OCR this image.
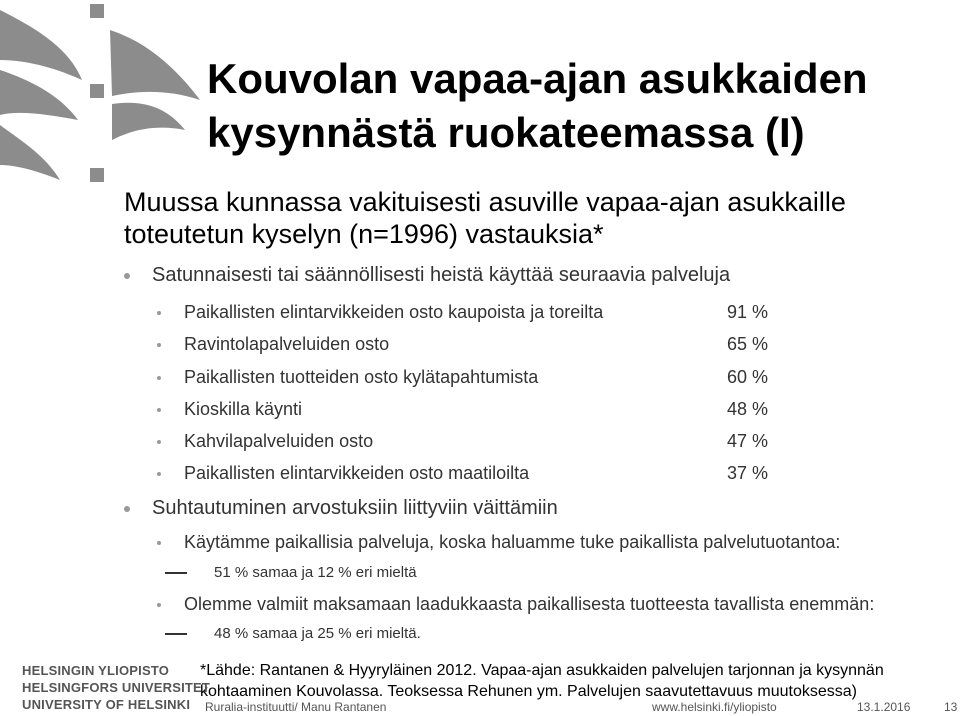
Kouvolan vapaa-ajan asukkaiden
kysynnästä ruokateemassa (I)
Muussa kunnassa vakituisesti asuville vapaa-ajan asukkaille
toteutetun kyselyn (n=1996) vastauksia*
Satunnaisesti tai säännöllisesti heistä käyttää seuraavia palveluja
Paikallisten elintarvikkeiden osto kaupoista ja toreilta	91 %
Ravintolapalveluiden osto	65 %
Paikallisten tuotteiden osto kylätapahtumista	60 %
Kioskilla käynti	48 %
Kahvilapalveluiden osto	47 %
Paikallisten elintarvikkeiden osto maatiloilta	37 %
Suhtautuminen arvostuksiin liittyviin väittämiin
Käytämme paikallisia palveluja, koska haluamme tuke paikallista palvelutuotantoa:
51 % samaa ja 12 % eri mieltä
Olemme valmiit maksamaan laadukkaasta paikallisesta tuotteesta tavallista enemmän:
48 % samaa ja 25 % eri mieltä.
*Lähde: Rantanen & Hyyryläinen 2012. Vapaa-ajan asukkaiden palvelujen tarjonnan ja kysynnän
kohtaaminen Kouvolassa. Teoksessa Rehunen ym. Palvelujen saavutettavuus muutoksessa)
HELSINGIN YLIOPISTO
HELSINGFORS UNIVERSITET
UNIVERSITY OF HELSINKI Ruralia-instituutti/ Manu Rantanen	www.helsinki.fi/yliopisto	13.1.2016	13
